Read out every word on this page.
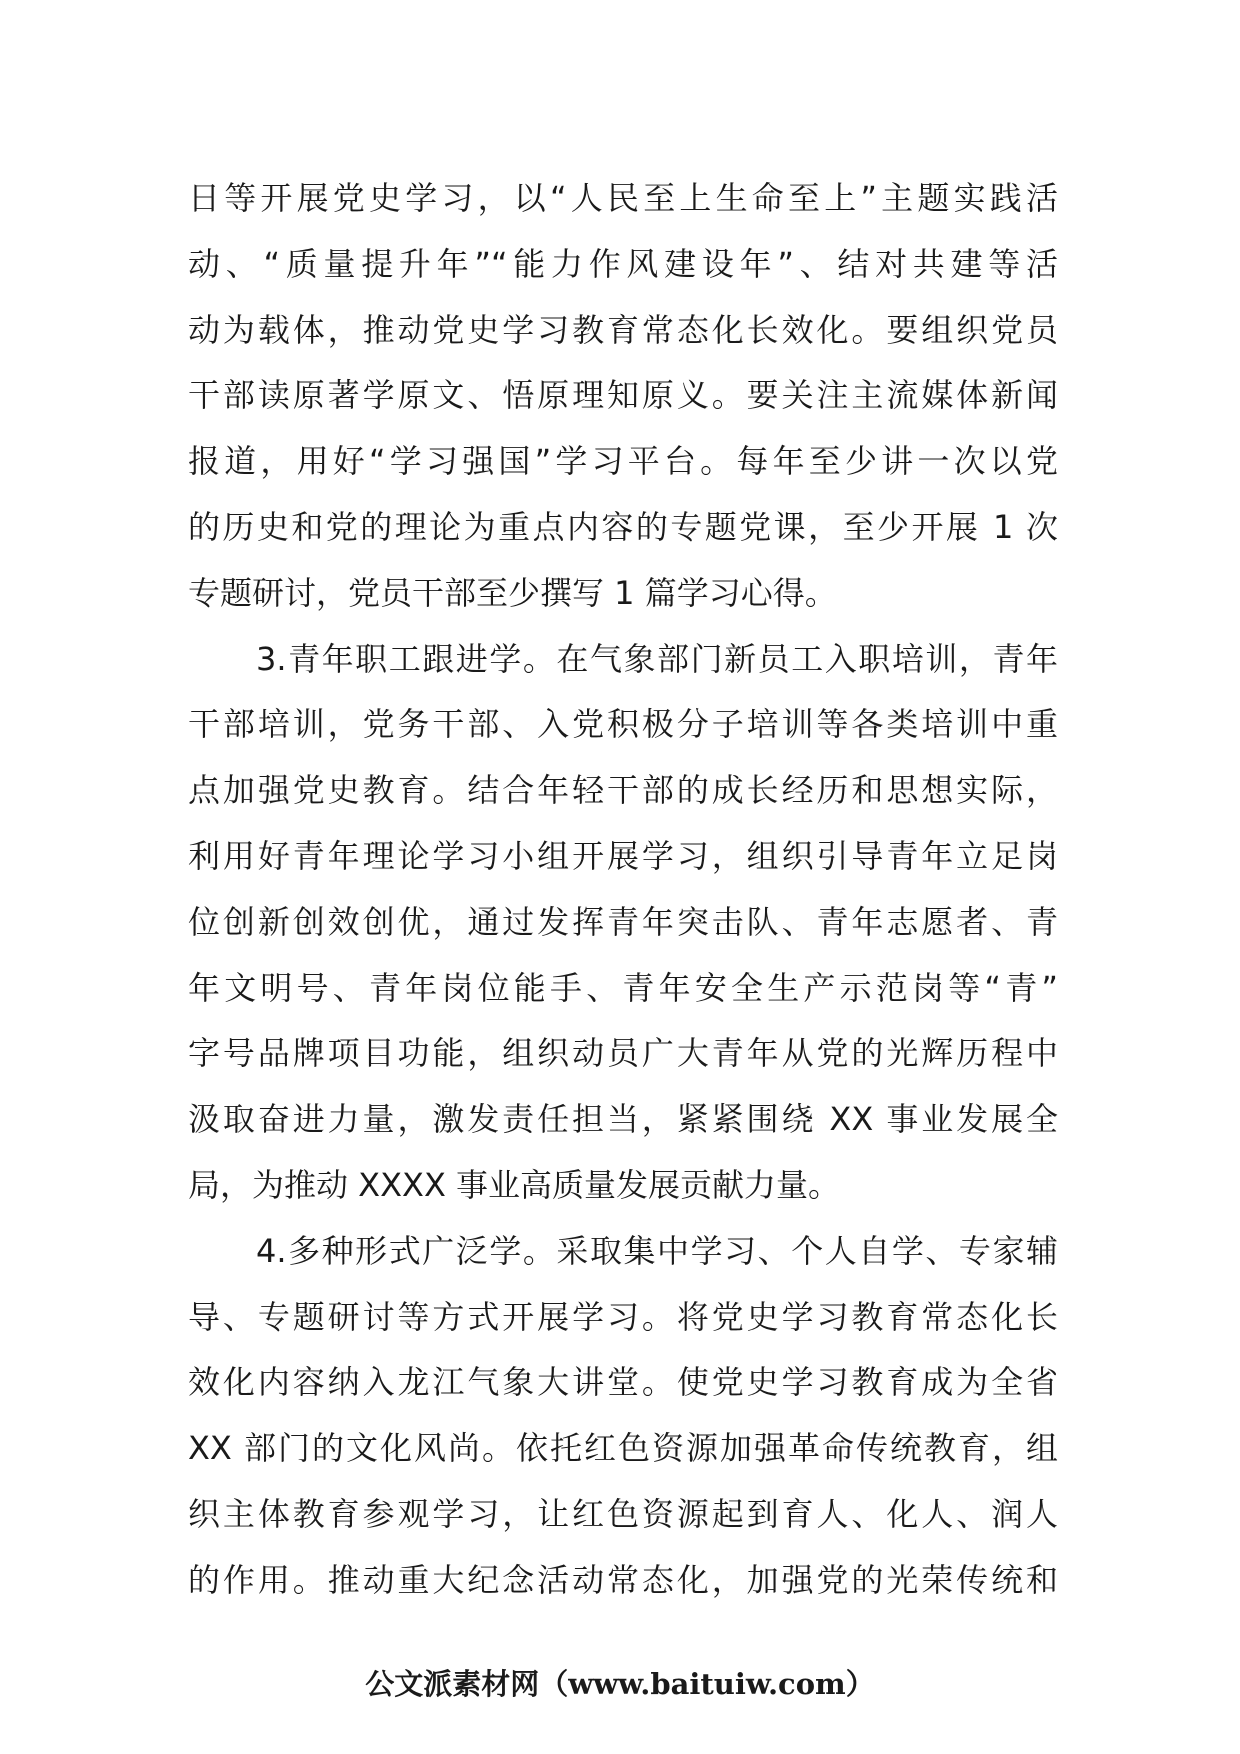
日等开展党史学习，以“人民至上生命至上”主题实践活
动、“质量提升年”“能力作风建设年”、结对共建等活
动为载体，推动党史学习教育常态化长效化。要组织党员
干部读原著学原文、悟原理知原义。要关注主流媒体新闻
报道，用好“学习强国”学习平台。每年至少讲一次以党
的历史和党的理论为重点内容的专题党课，至少开展 1 次
专题研讨，党员干部至少撰写 1 篇学习心得。
3.青年职工跟进学。在气象部门新员工入职培训，青年
干部培训，党务干部、入党积极分子培训等各类培训中重
点加强党史教育。结合年轻干部的成长经历和思想实际，
利用好青年理论学习小组开展学习，组织引导青年立足岗
位创新创效创优，通过发挥青年突击队、青年志愿者、青
年文明号、青年岗位能手、青年安全生产示范岗等“青”
字号品牌项目功能，组织动员广大青年从党的光辉历程中
汲取奋进力量，激发责任担当，紧紧围绕 XX 事业发展全
局，为推动 XXXX 事业高质量发展贡献力量。
4.多种形式广泛学。采取集中学习、个人自学、专家辅
导、专题研讨等方式开展学习。将党史学习教育常态化长
效化内容纳入龙江气象大讲堂。使党史学习教育成为全省
XX 部门的文化风尚。依托红色资源加强革命传统教育，组
织主体教育参观学习，让红色资源起到育人、化人、润人
的作用。推动重大纪念活动常态化，加强党的光荣传统和
公文派素材网（www.baituiw.com）
